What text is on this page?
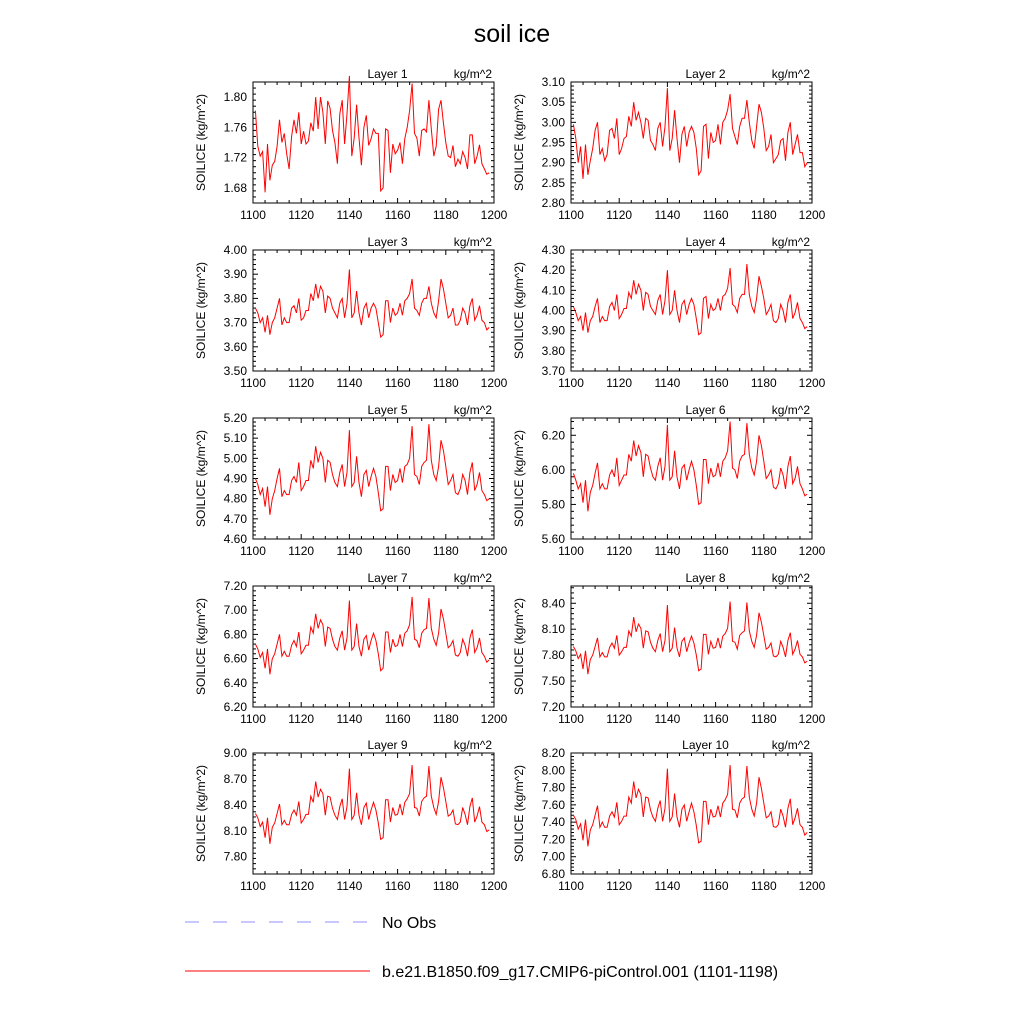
soil ice
1100 1120 1140 1160 1180 1200
1.68
1.72
1.76
1.80
SOILICE (kg/m^2)
Layer 1	kg/m^2
1100 1120 1140 1160 1180 1200
2.80
2.85
2.90
2.95
3.00
3.05
3.10
SOILICE (kg/m^2)
Layer 2	kg/m^2
1100 1120 1140 1160 1180 1200
3.50
3.60
3.70
3.80
3.90
4.00
SOILICE (kg/m^2)
Layer 3	kg/m^2
1100 1120 1140 1160 1180 1200
3.70
3.80
3.90
4.00
4.10
4.20
4.30
SOILICE (kg/m^2)
Layer 4	kg/m^2
1100 1120 1140 1160 1180 1200
4.60
4.70
4.80
4.90
5.00
5.10
5.20
SOILICE (kg/m^2)
Layer 5	kg/m^2
1100 1120 1140 1160 1180 1200
5.60
5.80
6.00
6.20
SOILICE (kg/m^2)
Layer 6	kg/m^2
1100 1120 1140 1160 1180 1200
6.20
6.40
6.60
6.80
7.00
7.20
SOILICE (kg/m^2)
Layer 7	kg/m^2
1100 1120 1140 1160 1180 1200
7.20
7.50
7.80
8.10
8.40
SOILICE (kg/m^2)
Layer 8	kg/m^2
1100 1120 1140 1160 1180 1200
7.80
8.10
8.40
8.70
9.00
SOILICE (kg/m^2)
Layer 9	kg/m^2
1100 1120 1140 1160 1180 1200
6.80
7.00
7.20
7.40
7.60
7.80
8.00
8.20
SOILICE (kg/m^2)
Layer 10	kg/m^2
No Obs
b.e21.B1850.f09_g17.CMIP6-piControl.001 (1101-1198)
